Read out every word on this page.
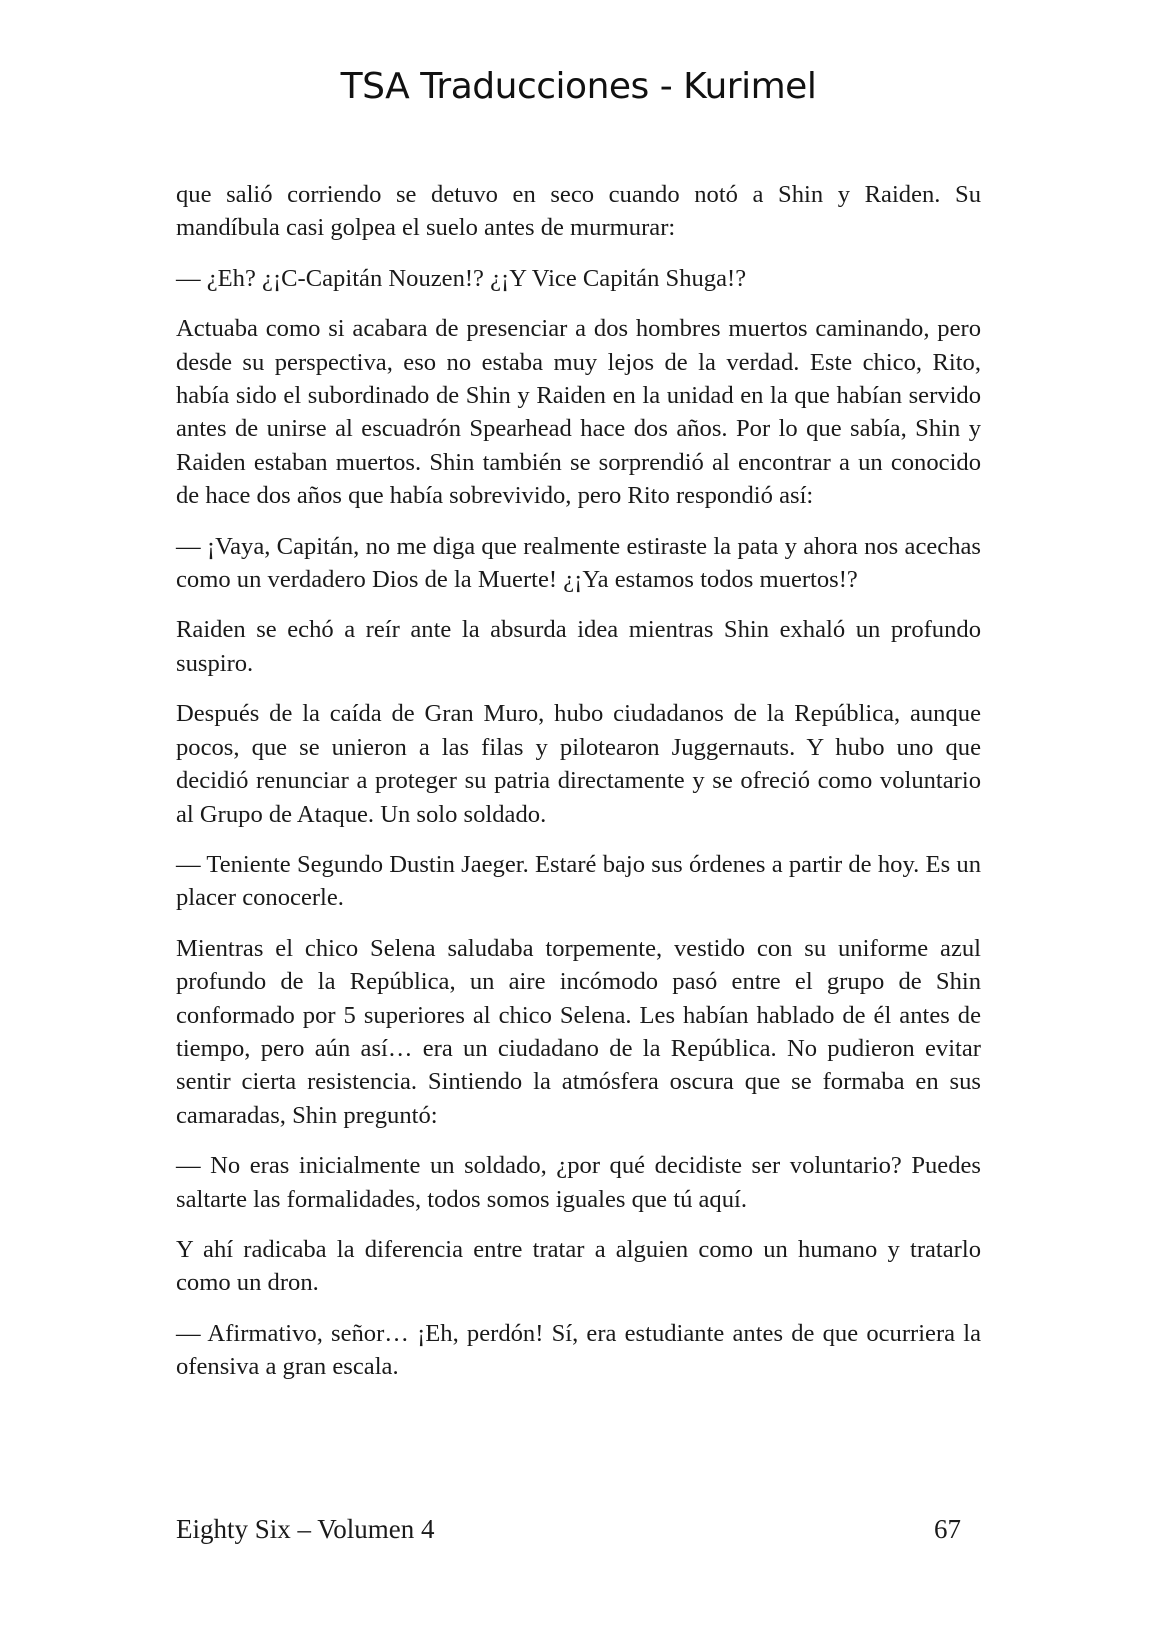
TSA Traducciones - Kurimel

que salió corriendo se detuvo en seco cuando notó a Shin y Raiden. Su mandíbula casi golpea el suelo antes de murmurar:

— ¿Eh? ¿¡C-Capitán Nouzen!? ¿¡Y Vice Capitán Shuga!?

Actuaba como si acabara de presenciar a dos hombres muertos caminando, pero desde su perspectiva, eso no estaba muy lejos de la verdad. Este chico, Rito, había sido el subordinado de Shin y Raiden en la unidad en la que habían servido antes de unirse al escuadrón Spearhead hace dos años. Por lo que sabía, Shin y Raiden estaban muertos. Shin también se sorprendió al encontrar a un conocido de hace dos años que había sobrevivido, pero Rito respondió así:

— ¡Vaya, Capitán, no me diga que realmente estiraste la pata y ahora nos acechas como un verdadero Dios de la Muerte! ¿¡Ya estamos todos muertos!?

Raiden se echó a reír ante la absurda idea mientras Shin exhaló un profundo suspiro.

Después de la caída de Gran Muro, hubo ciudadanos de la República, aunque pocos, que se unieron a las filas y pilotearon Juggernauts. Y hubo uno que decidió renunciar a proteger su patria directamente y se ofreció como voluntario al Grupo de Ataque. Un solo soldado.

— Teniente Segundo Dustin Jaeger. Estaré bajo sus órdenes a partir de hoy. Es un placer conocerle.

Mientras el chico Selena saludaba torpemente, vestido con su uniforme azul profundo de la República, un aire incómodo pasó entre el grupo de Shin conformado por 5 superiores al chico Selena. Les habían hablado de él antes de tiempo, pero aún así… era un ciudadano de la República. No pudieron evitar sentir cierta resistencia. Sintiendo la atmósfera oscura que se formaba en sus camaradas, Shin preguntó:

— No eras inicialmente un soldado, ¿por qué decidiste ser voluntario? Puedes saltarte las formalidades, todos somos iguales que tú aquí.

Y ahí radicaba la diferencia entre tratar a alguien como un humano y tratarlo como un dron.

— Afirmativo, señor… ¡Eh, perdón! Sí, era estudiante antes de que ocurriera la ofensiva a gran escala.

Eighty Six – Volumen 4	67
